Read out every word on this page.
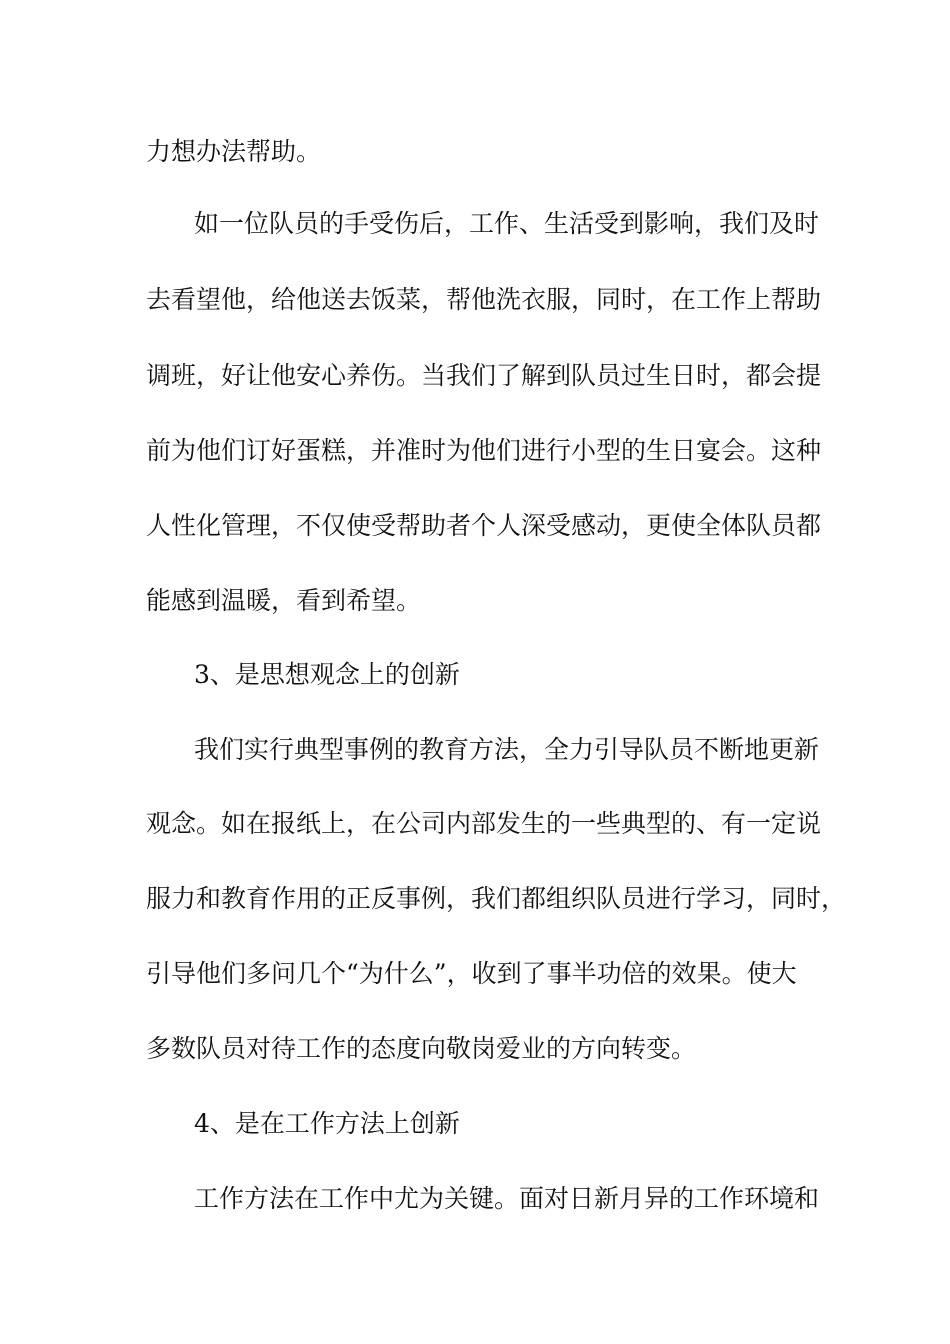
力想办法帮助。
如一位队员的手受伤后，工作、生活受到影响，我们及时
去看望他，给他送去饭菜，帮他洗衣服，同时，在工作上帮助
调班，好让他安心养伤。当我们了解到队员过生日时，都会提
前为他们订好蛋糕，并准时为他们进行小型的生日宴会。这种
人性化管理，不仅使受帮助者个人深受感动，更使全体队员都
能感到温暖，看到希望。
3、是思想观念上的创新
我们实行典型事例的教育方法，全力引导队员不断地更新
观念。如在报纸上，在公司内部发生的一些典型的、有一定说
服力和教育作用的正反事例，我们都组织队员进行学习，同时，
引导他们多问几个“为什么”，收到了事半功倍的效果。使大
多数队员对待工作的态度向敬岗爱业的方向转变。
4、是在工作方法上创新
工作方法在工作中尤为关键。面对日新月异的工作环境和
